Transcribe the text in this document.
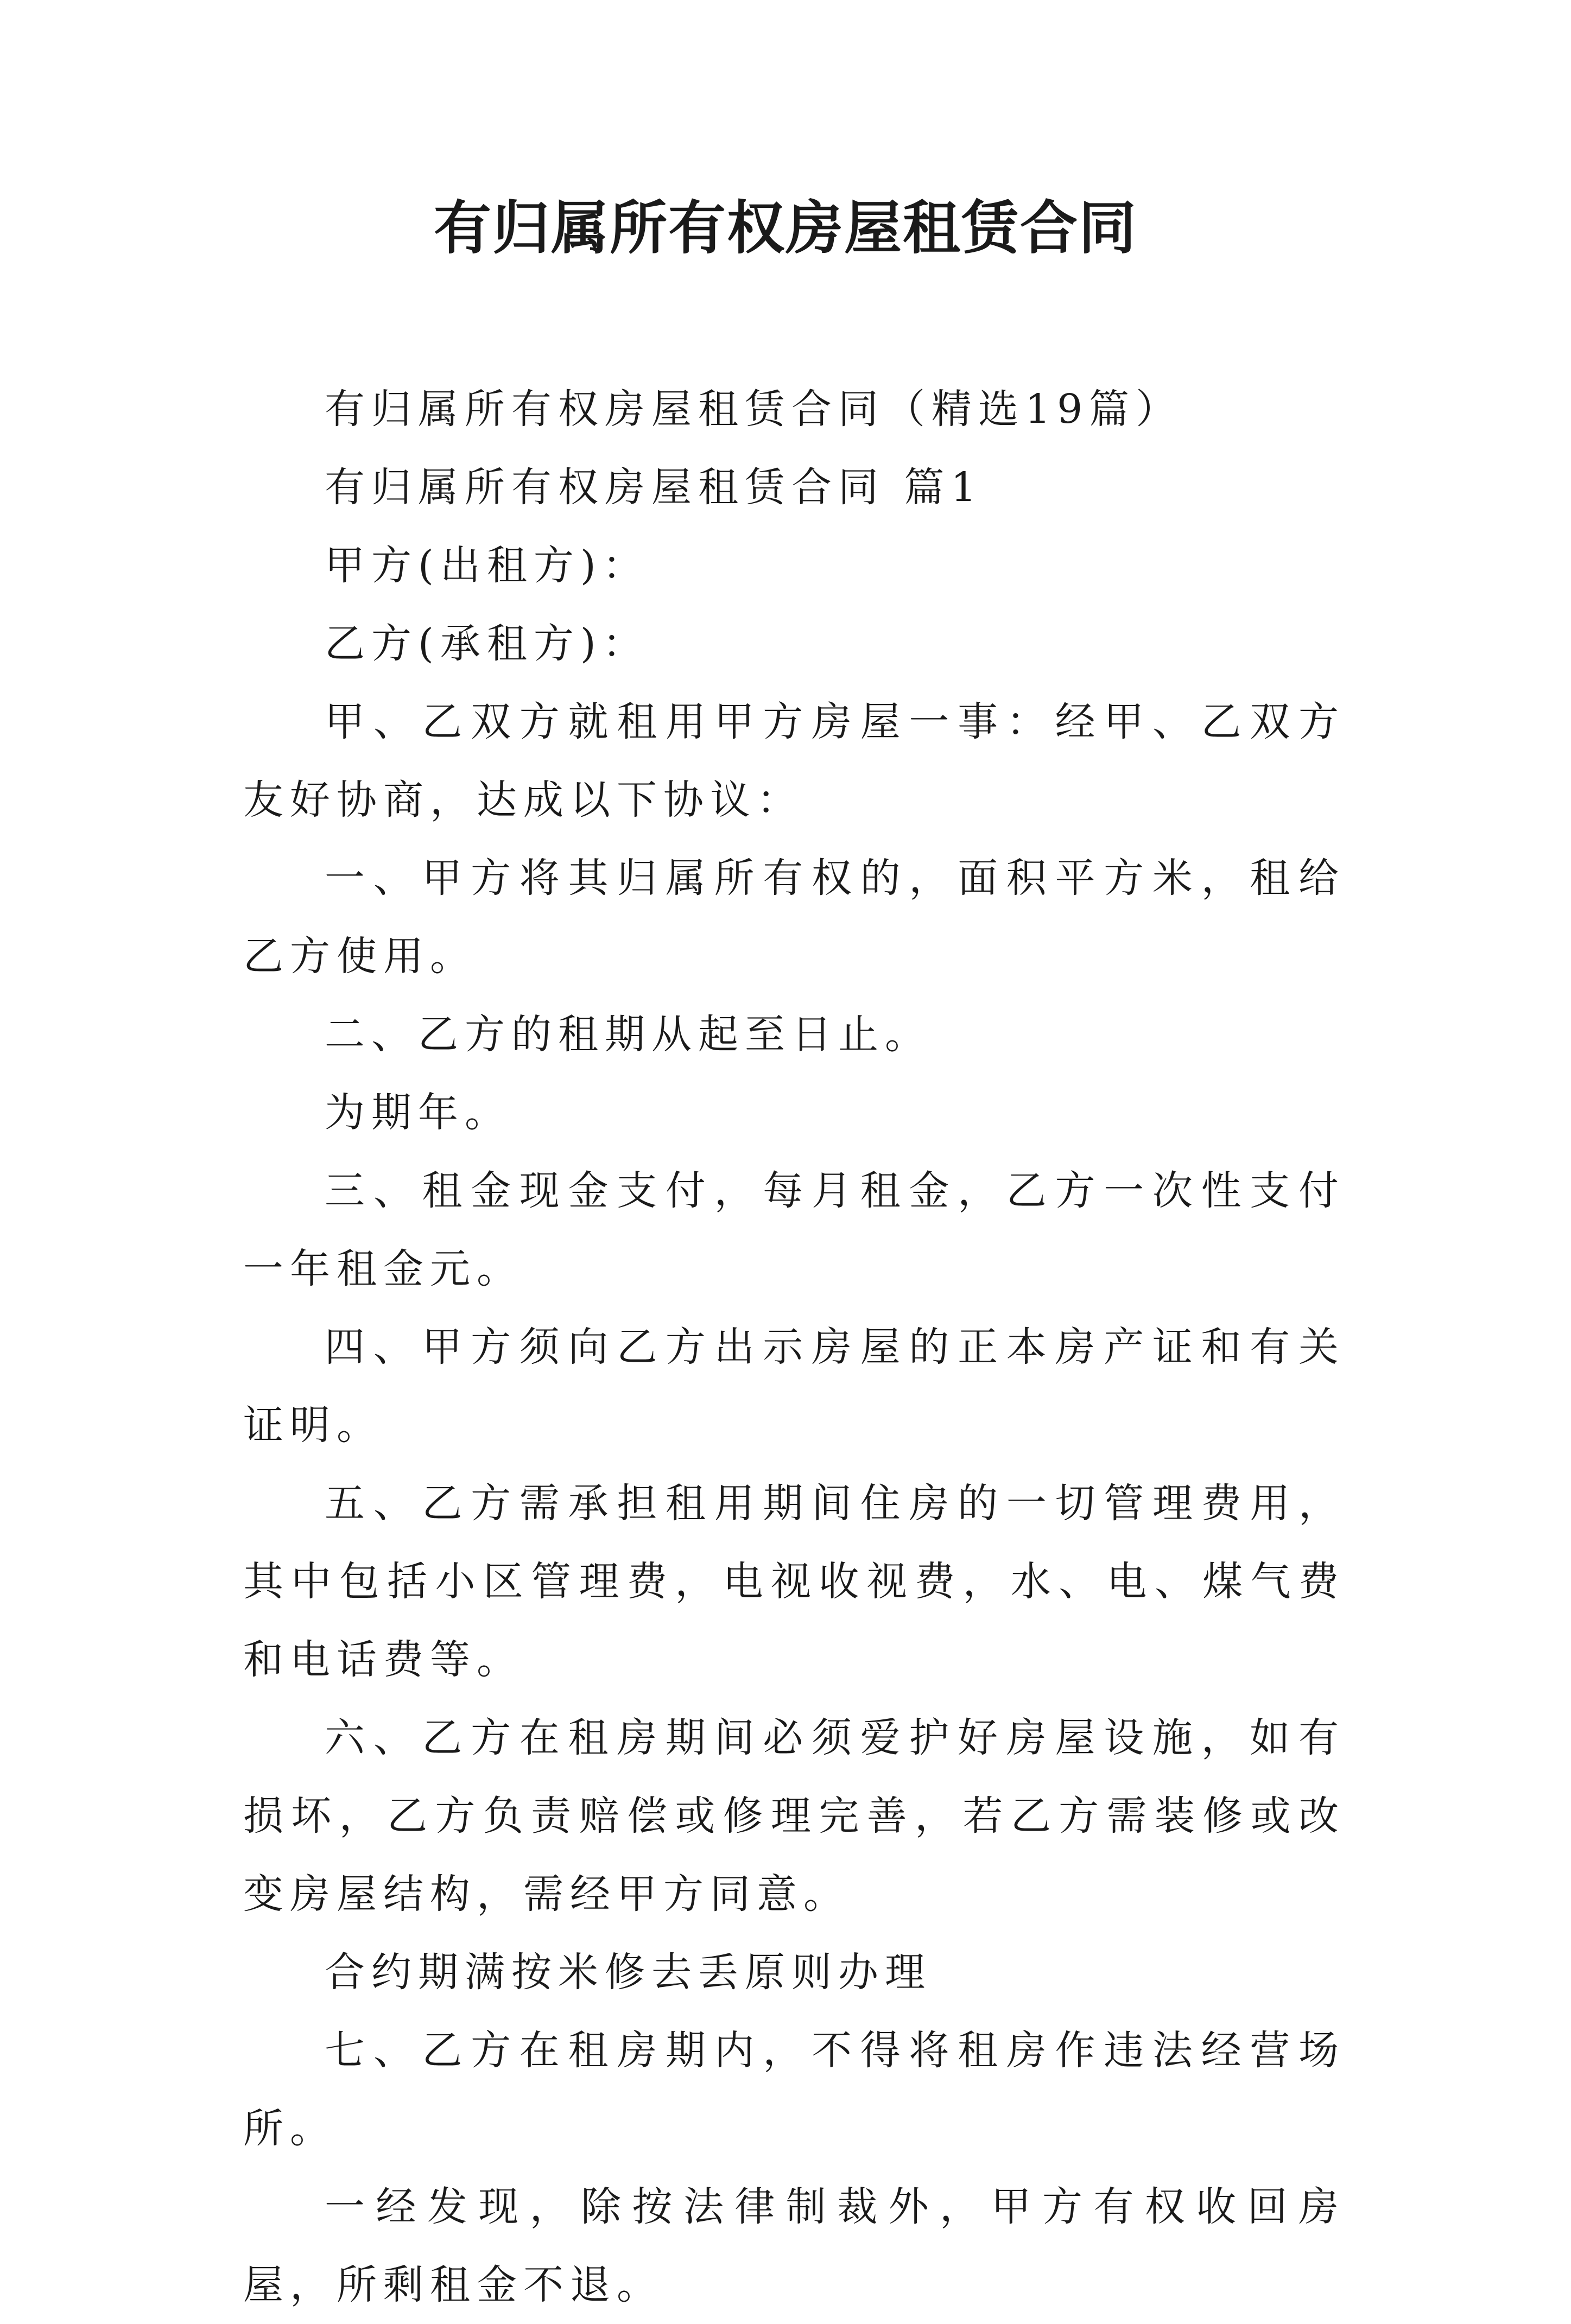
有归属所有权房屋租赁合同

有归属所有权房屋租赁合同（精选19篇）

有归属所有权房屋租赁合同 篇1

甲方(出租方)：

乙方(承租方)：

甲、乙双方就租用甲方房屋一事：经甲、乙双方友好协商，达成以下协议：

一、甲方将其归属所有权的，面积平方米，租给乙方使用。

二、乙方的租期从起至日止。

为期年。

三、租金现金支付，每月租金，乙方一次性支付一年租金元。

四、甲方须向乙方出示房屋的正本房产证和有关证明。

五、乙方需承担租用期间住房的一切管理费用，其中包括小区管理费，电视收视费，水、电、煤气费和电话费等。

六、乙方在租房期间必须爱护好房屋设施，如有损坏，乙方负责赔偿或修理完善，若乙方需装修或改变房屋结构，需经甲方同意。

合约期满按米修去丢原则办理

七、乙方在租房期内，不得将租房作违法经营场所。

一经发现，除按法律制裁外，甲方有权收回房屋，所剩租金不退。
